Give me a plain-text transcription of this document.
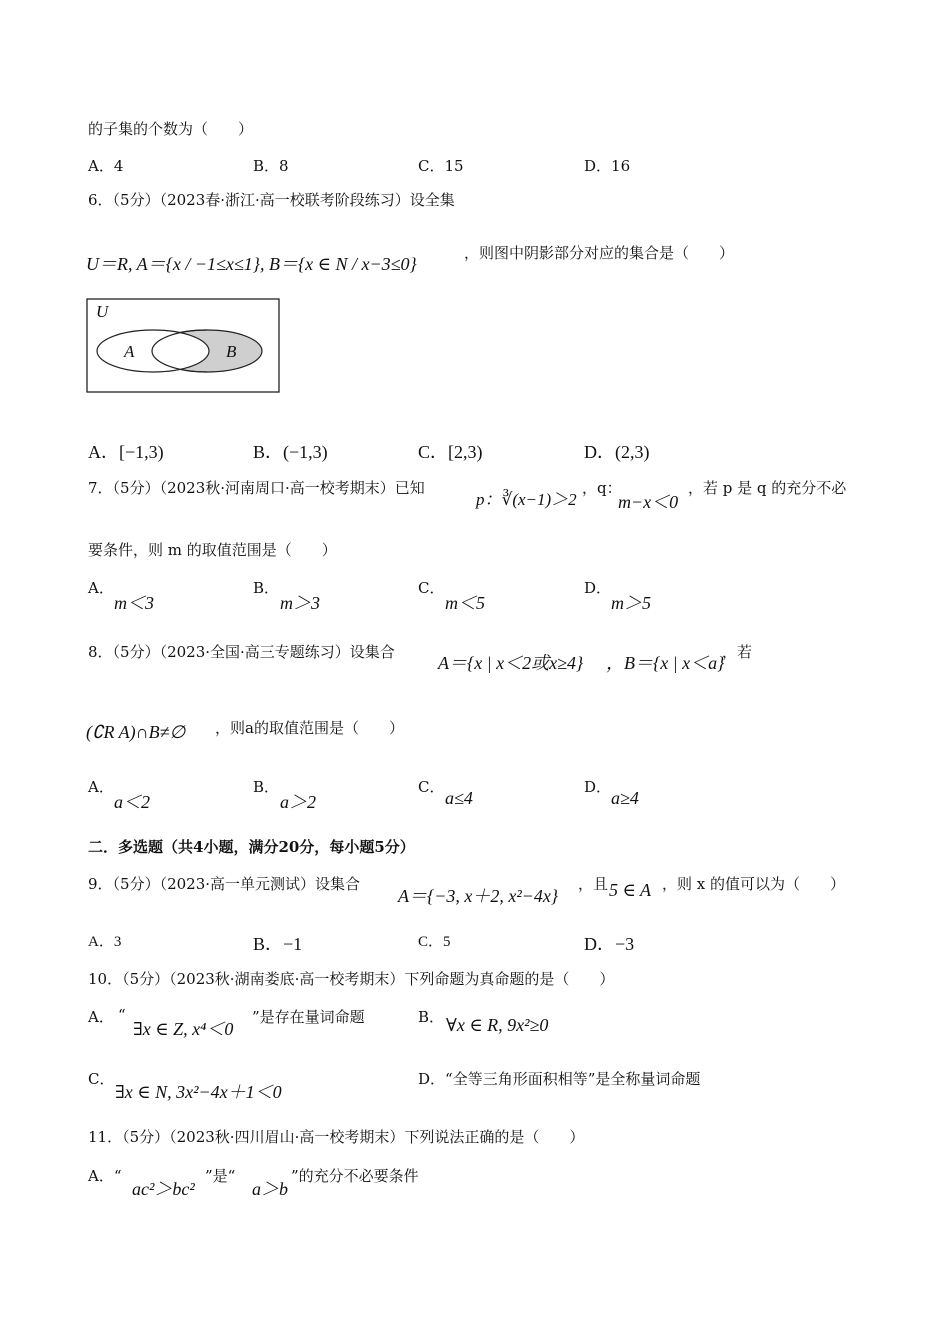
的子集的个数为（　　）
A．4	B．8	C．15	D．16
6．（5分）（2023春·浙江·高一校联考阶段练习）设全集
U＝R, A＝{x / −1≤x≤1}, B＝{x ∈ N / x−3≤0}
，则图中阴影部分对应的集合是（　　）
U
A	B
A．[−1,3)	B．(−1,3)	C．[2,3)	D．(2,3)
7．（5分）（2023秋·河南周口·高一校考期末）已知
p：∛(x−1)＞2
，q：
m−x＜0
，若 p 是 q 的充分不必
要条件，则 m 的取值范围是（　　）
A．
m＜3
B．
m＞3
C．
m＜5
D．
m＞5
8．（5分）（2023·全国·高三专题练习）设集合
A＝{x | x＜2或x≥4} ，B＝{x | x＜a}
，若
(∁R A)∩B≠∅ ，则a的取值范围是（　　）
A．
a＜2
B．
a＞2
C．
a≤4
D．
a≥4
二．多选题（共4小题，满分20分，每小题5分）
9．（5分）（2023·高一单元测试）设集合
A＝{−3, x＋2, x²−4x}
，且 5 ∈ A ，则 x 的值可以为（　　）
A．3	B．−1	C．5	D．−3
10．（5分）（2023秋·湖南娄底·高一校考期末）下列命题为真命题的是（　　）
A． “
∃x ∈ Z, x⁴＜0
”是存在量词命题	B． ∀x ∈ R, 9x²≥0
C．
∃x ∈ N, 3x²−4x＋1＜0
D．“全等三角形面积相等”是全称量词命题
11．（5分）（2023秋·四川眉山·高一校考期末）下列说法正确的是（　　）
A．“
ac²＞bc²
”是“
a＞b
”的充分不必要条件
